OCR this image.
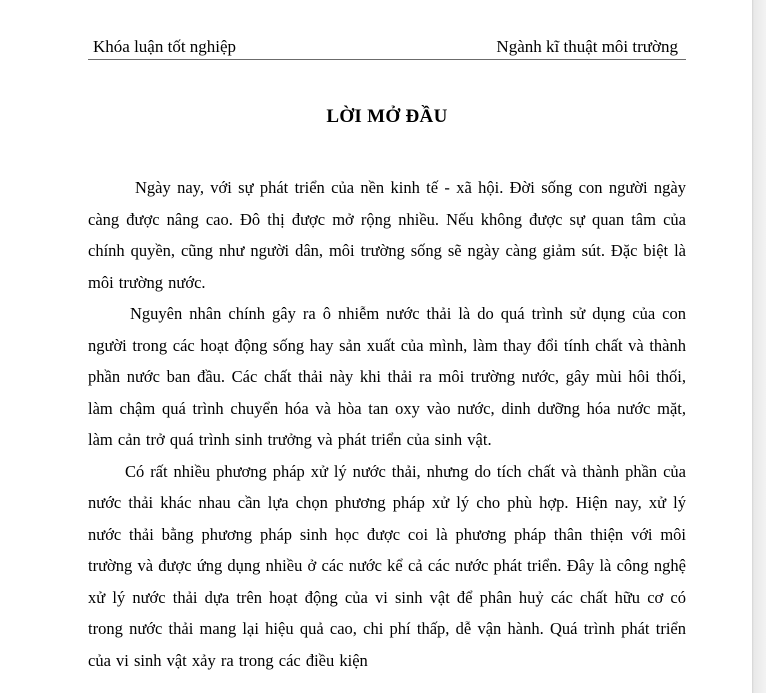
Khóa luận tốt nghiệp	Ngành kĩ thuật môi trường
LỜI MỞ ĐẦU

Ngày nay, với sự phát triển của nền kinh tế - xã hội. Đời sống con người ngày càng được nâng cao. Đô thị được mở rộng nhiều. Nếu không được sự quan tâm của chính quyền, cũng như người dân, môi trường sống sẽ ngày càng giảm sút. Đặc biệt là môi trường nước.

Nguyên nhân chính gây ra ô nhiễm nước thải là do quá trình sử dụng của con người trong các hoạt động sống hay sản xuất của mình, làm thay đổi tính chất và thành phần nước ban đầu. Các chất thải này khi thải ra môi trường nước, gây mùi hôi thối, làm chậm quá trình chuyển hóa và hòa tan oxy vào nước, dinh dưỡng hóa nước mặt, làm cản trở quá trình sinh trưởng và phát triển của sinh vật.

Có rất nhiều phương pháp xử lý nước thải, nhưng do tích chất và thành phần của nước thải khác nhau cần lựa chọn phương pháp xử lý cho phù hợp. Hiện nay, xử lý nước thải bằng phương pháp sinh học được coi là phương pháp thân thiện với môi trường và được ứng dụng nhiều ở các nước kể cả các nước phát triển. Đây là công nghệ xử lý nước thải dựa trên hoạt động của vi sinh vật để phân huỷ các chất hữu cơ có trong nước thải mang lại hiệu quả cao, chi phí thấp, dễ vận hành. Quá trình phát triển của vi sinh vật xảy ra trong các điều kiện
